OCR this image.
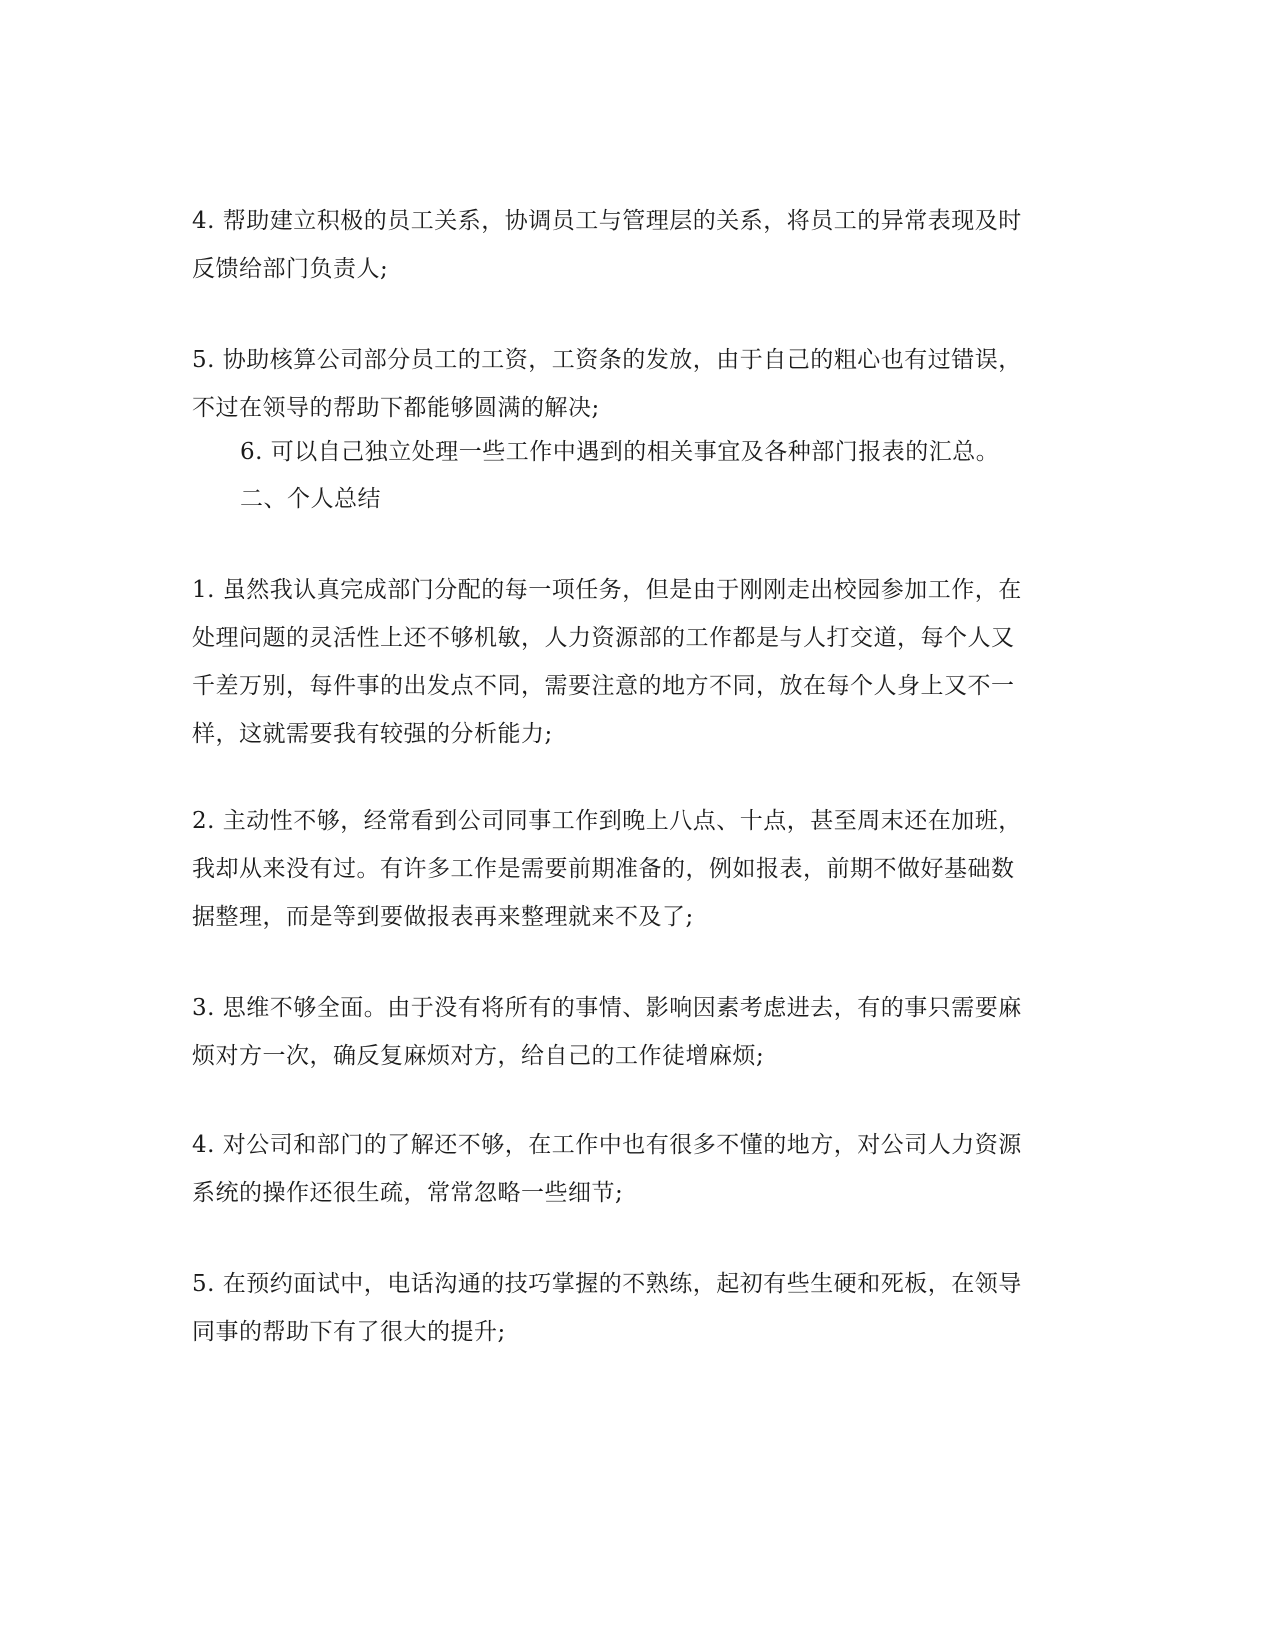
4. 帮助建立积极的员工关系，协调员工与管理层的关系，将员工的异常表现及时
反馈给部门负责人;
5. 协助核算公司部分员工的工资，工资条的发放，由于自己的粗心也有过错误，
不过在领导的帮助下都能够圆满的解决;
6. 可以自己独立处理一些工作中遇到的相关事宜及各种部门报表的汇总。
二、个人总结
1. 虽然我认真完成部门分配的每一项任务，但是由于刚刚走出校园参加工作，在
处理问题的灵活性上还不够机敏，人力资源部的工作都是与人打交道，每个人又
千差万别，每件事的出发点不同，需要注意的地方不同，放在每个人身上又不一
样，这就需要我有较强的分析能力;
2. 主动性不够，经常看到公司同事工作到晚上八点、十点，甚至周末还在加班，
我却从来没有过。有许多工作是需要前期准备的，例如报表，前期不做好基础数
据整理，而是等到要做报表再来整理就来不及了;
3. 思维不够全面。由于没有将所有的事情、影响因素考虑进去，有的事只需要麻
烦对方一次，确反复麻烦对方，给自己的工作徒增麻烦;
4. 对公司和部门的了解还不够，在工作中也有很多不懂的地方，对公司人力资源
系统的操作还很生疏，常常忽略一些细节;
5. 在预约面试中，电话沟通的技巧掌握的不熟练，起初有些生硬和死板，在领导
同事的帮助下有了很大的提升;
